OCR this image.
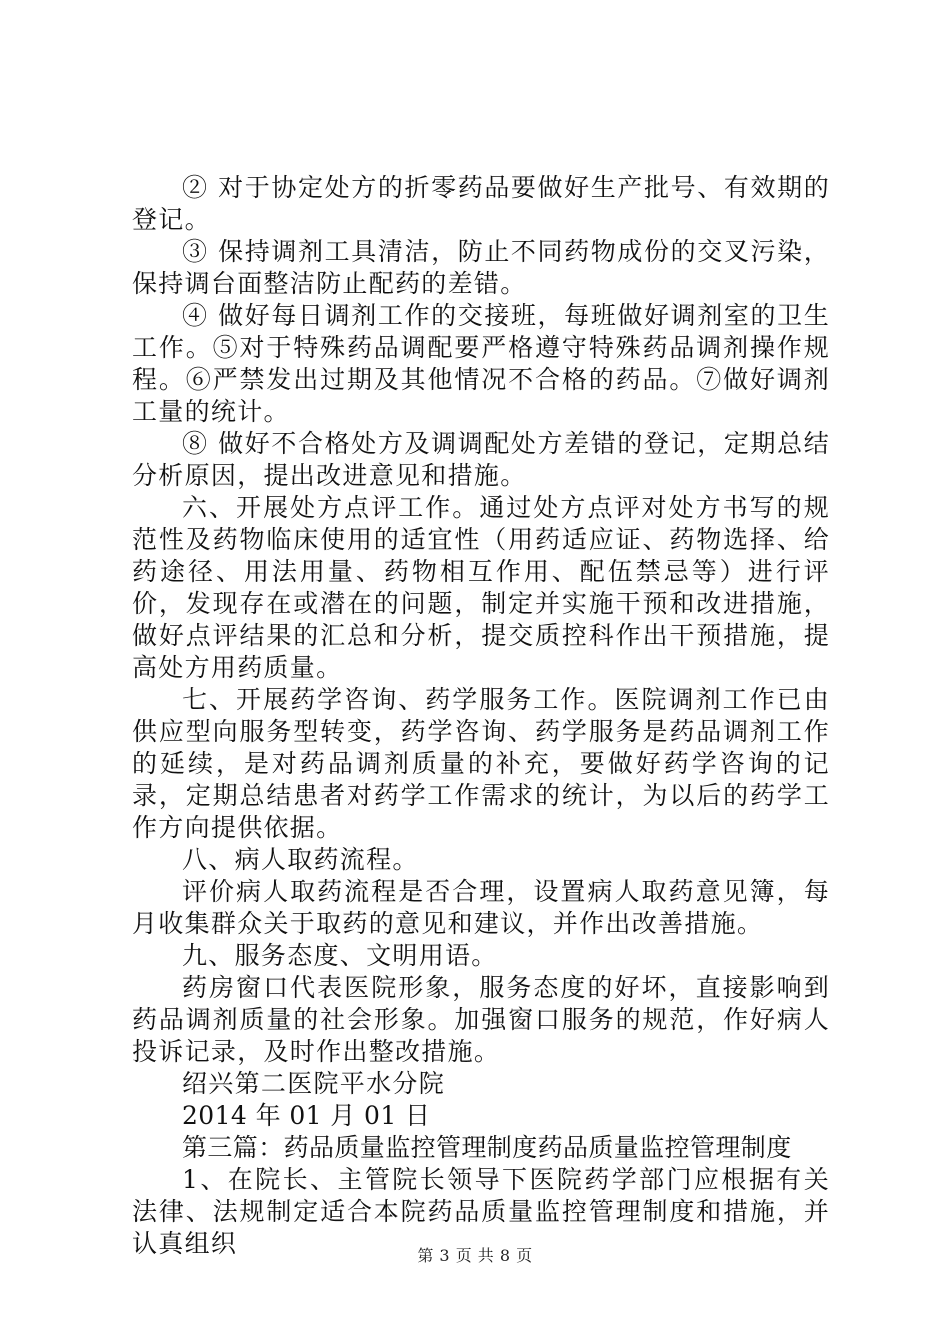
② 对于协定处方的折零药品要做好生产批号、有效期的登记。

③ 保持调剂工具清洁，防止不同药物成份的交叉污染，保持调台面整洁防止配药的差错。

④ 做好每日调剂工作的交接班，每班做好调剂室的卫生工作。⑤对于特殊药品调配要严格遵守特殊药品调剂操作规程。⑥严禁发出过期及其他情况不合格的药品。⑦做好调剂工量的统计。

⑧ 做好不合格处方及调调配处方差错的登记，定期总结分析原因，提出改进意见和措施。

六、开展处方点评工作。通过处方点评对处方书写的规范性及药物临床使用的适宜性（用药适应证、药物选择、给药途径、用法用量、药物相互作用、配伍禁忌等）进行评价，发现存在或潜在的问题，制定并实施干预和改进措施，做好点评结果的汇总和分析，提交质控科作出干预措施，提高处方用药质量。

七、开展药学咨询、药学服务工作。医院调剂工作已由供应型向服务型转变，药学咨询、药学服务是药品调剂工作的延续，是对药品调剂质量的补充，要做好药学咨询的记录，定期总结患者对药学工作需求的统计，为以后的药学工作方向提供依据。

八、病人取药流程。

评价病人取药流程是否合理，设置病人取药意见簿，每月收集群众关于取药的意见和建议，并作出改善措施。

九、服务态度、文明用语。

药房窗口代表医院形象，服务态度的好坏，直接影响到药品调剂质量的社会形象。加强窗口服务的规范，作好病人投诉记录，及时作出整改措施。

绍兴第二医院平水分院

2014 年 01 月 01 日

第三篇：药品质量监控管理制度药品质量监控管理制度

1、在院长、主管院长领导下医院药学部门应根据有关法律、法规制定适合本院药品质量监控管理制度和措施，并认真组织	第 3 页 共 8 页
